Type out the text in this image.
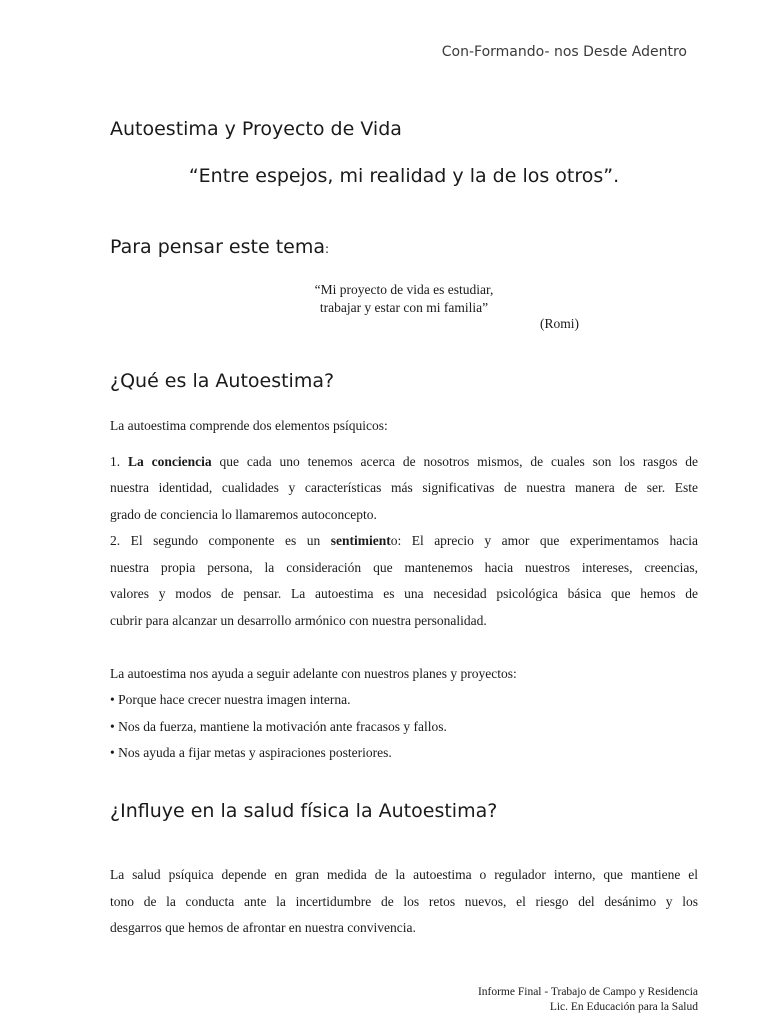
Con-Formando- nos Desde Adentro
Autoestima y Proyecto de Vida
“Entre espejos, mi realidad y la de los otros”.
Para pensar este tema:
“Mi proyecto de vida es estudiar,
trabajar y estar con mi familia”
(Romi)
¿Qué es la Autoestima?
La autoestima comprende dos elementos psíquicos:
1. La conciencia que cada uno tenemos acerca de nosotros mismos, de cuales son los rasgos de
nuestra identidad, cualidades y características más significativas de nuestra manera de ser. Este
grado de conciencia lo llamaremos autoconcepto.
2. El segundo componente es un sentimiento: El aprecio y amor que experimentamos hacia
nuestra propia persona, la consideración que mantenemos hacia nuestros intereses, creencias,
valores y modos de pensar. La autoestima es una necesidad psicológica básica que hemos de
cubrir para alcanzar un desarrollo armónico con nuestra personalidad.
La autoestima nos ayuda a seguir adelante con nuestros planes y proyectos:
• Porque hace crecer nuestra imagen interna.
• Nos da fuerza, mantiene la motivación ante fracasos y fallos.
• Nos ayuda a fijar metas y aspiraciones posteriores.
¿Influye en la salud física la Autoestima?
La salud psíquica depende en gran medida de la autoestima o regulador interno, que mantiene el
tono de la conducta ante la incertidumbre de los retos nuevos, el riesgo del desánimo y los
desgarros que hemos de afrontar en nuestra convivencia.
Informe Final - Trabajo de Campo y Residencia
Lic. En Educación para la Salud
